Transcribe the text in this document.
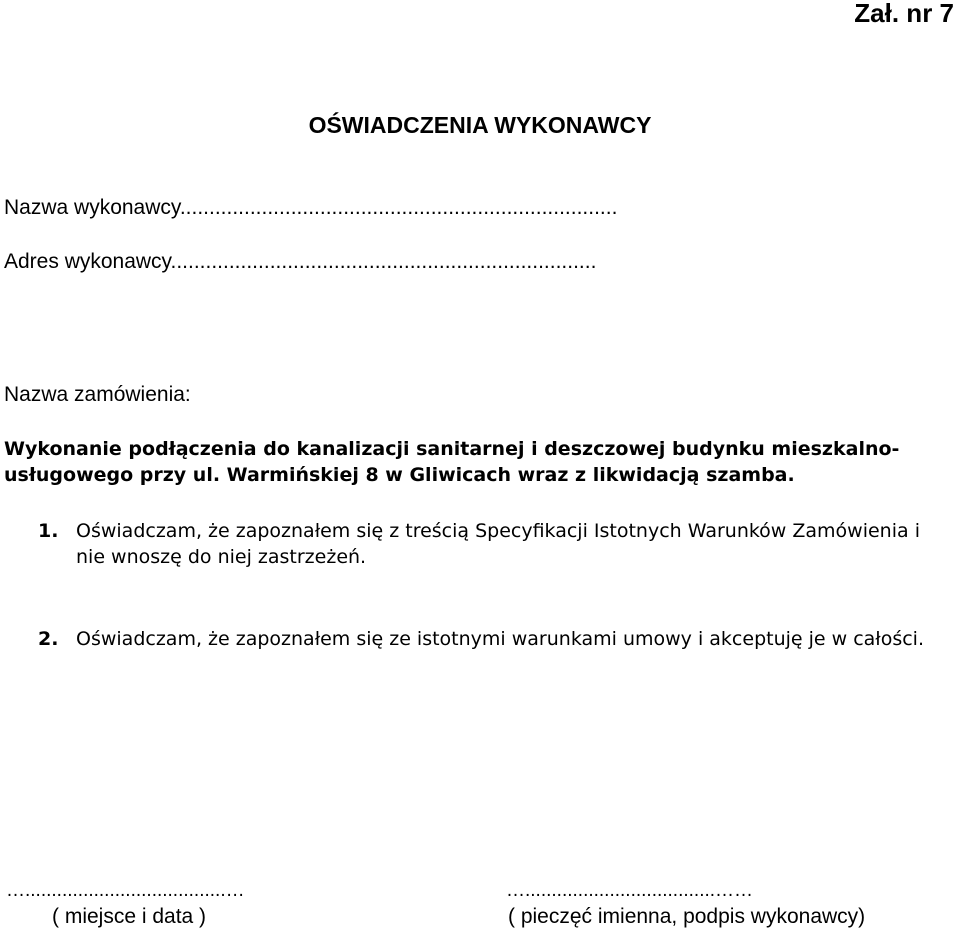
Zał. nr 7
OŚWIADCZENIA WYKONAWCY
Nazwa wykonawcy...........................................................................
Adres wykonawcy.........................................................................
Nazwa zamówienia:
Wykonanie podłączenia do kanalizacji sanitarnej i deszczowej budynku mieszkalno-usługowego przy ul. Warmińskiej 8 w Gliwicach wraz z likwidacją szamba.
1. Oświadczam, że zapoznałem się z treścią Specyfikacji Istotnych Warunków Zamówienia i nie wnoszę do niej zastrzeżeń.
2. Oświadczam, że zapoznałem się ze istotnymi warunkami umowy i akceptuję je w całości.
…......................................…
( miejsce i data )
…....................................……
( pieczęć imienna, podpis wykonawcy)
